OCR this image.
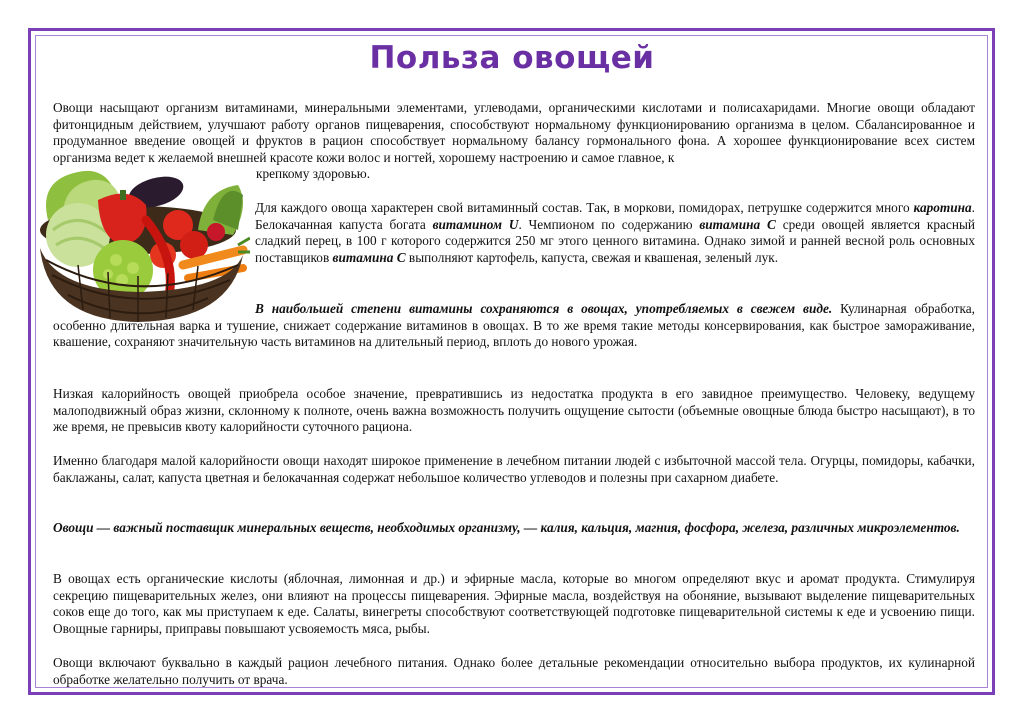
Польза овощей

Овощи насыщают организм витаминами, минеральными элементами, углеводами, органическими кислотами и полисахаридами. Многие овощи обладают фитонцидным действием, улучшают работу органов пищеварения, способствуют нормальному функционированию организма в целом. Сбалансированное и продуманное введение овощей и фруктов в рацион способствует нормальному балансу гормонального фона. А хорошее функционирование всех систем организма ведет к желаемой внешней красоте кожи волос и ногтей, хорошему настроению и самое главное, к

крепкому здоровью.

Для каждого овоща характерен свой витаминный состав. Так, в моркови, помидорах, петрушке содержится много каротина. Белокачанная капуста богата витамином U. Чемпионом по содержанию витамина С среди овощей является красный сладкий перец, в 100 г которого содержится 250 мг этого ценного витамина. Однако зимой и ранней весной роль основных поставщиков витамина С выполняют картофель, капуста, свежая и квашеная, зеленый лук.

В наибольшей степени витамины сохраняются в овощах, употребляемых в свежем виде. Кулинарная обработка, особенно длительная варка и тушение, снижает содержание витаминов в овощах. В то же время такие методы консервирования, как быстрое замораживание, квашение, сохраняют значительную часть витаминов на длительный период, вплоть до нового урожая.

Низкая калорийность овощей приобрела особое значение, превратившись из недостатка продукта в его завидное преимущество. Человеку, ведущему малоподвижный образ жизни, склонному к полноте, очень важна возможность получить ощущение сытости (объемные овощные блюда быстро насыщают), в то же время, не превысив квоту калорийности суточного рациона.

Именно благодаря малой калорийности овощи находят широкое применение в лечебном питании людей с избыточной массой тела. Огурцы, помидоры, кабачки, баклажаны, салат, капуста цветная и белокачанная содержат небольшое количество углеводов и полезны при сахарном диабете.

Овощи — важный поставщик минеральных веществ, необходимых организму, — калия, кальция, магния, фосфора, железа, различных микроэлементов.

В овощах есть органические кислоты (яблочная, лимонная и др.) и эфирные масла, которые во многом определяют вкус и аромат продукта. Стимулируя секрецию пищеварительных желез, они влияют на процессы пищеварения. Эфирные масла, воздействуя на обоняние, вызывают выделение пищеварительных соков еще до того, как мы приступаем к еде. Салаты, винегреты способствуют соответствующей подготовке пищеварительной системы к еде и усвоению пищи. Овощные гарниры, приправы повышают усвояемость мяса, рыбы.

Овощи включают буквально в каждый рацион лечебного питания. Однако более детальные рекомендации относительно выбора продуктов, их кулинарной обработке желательно получить от врача.
